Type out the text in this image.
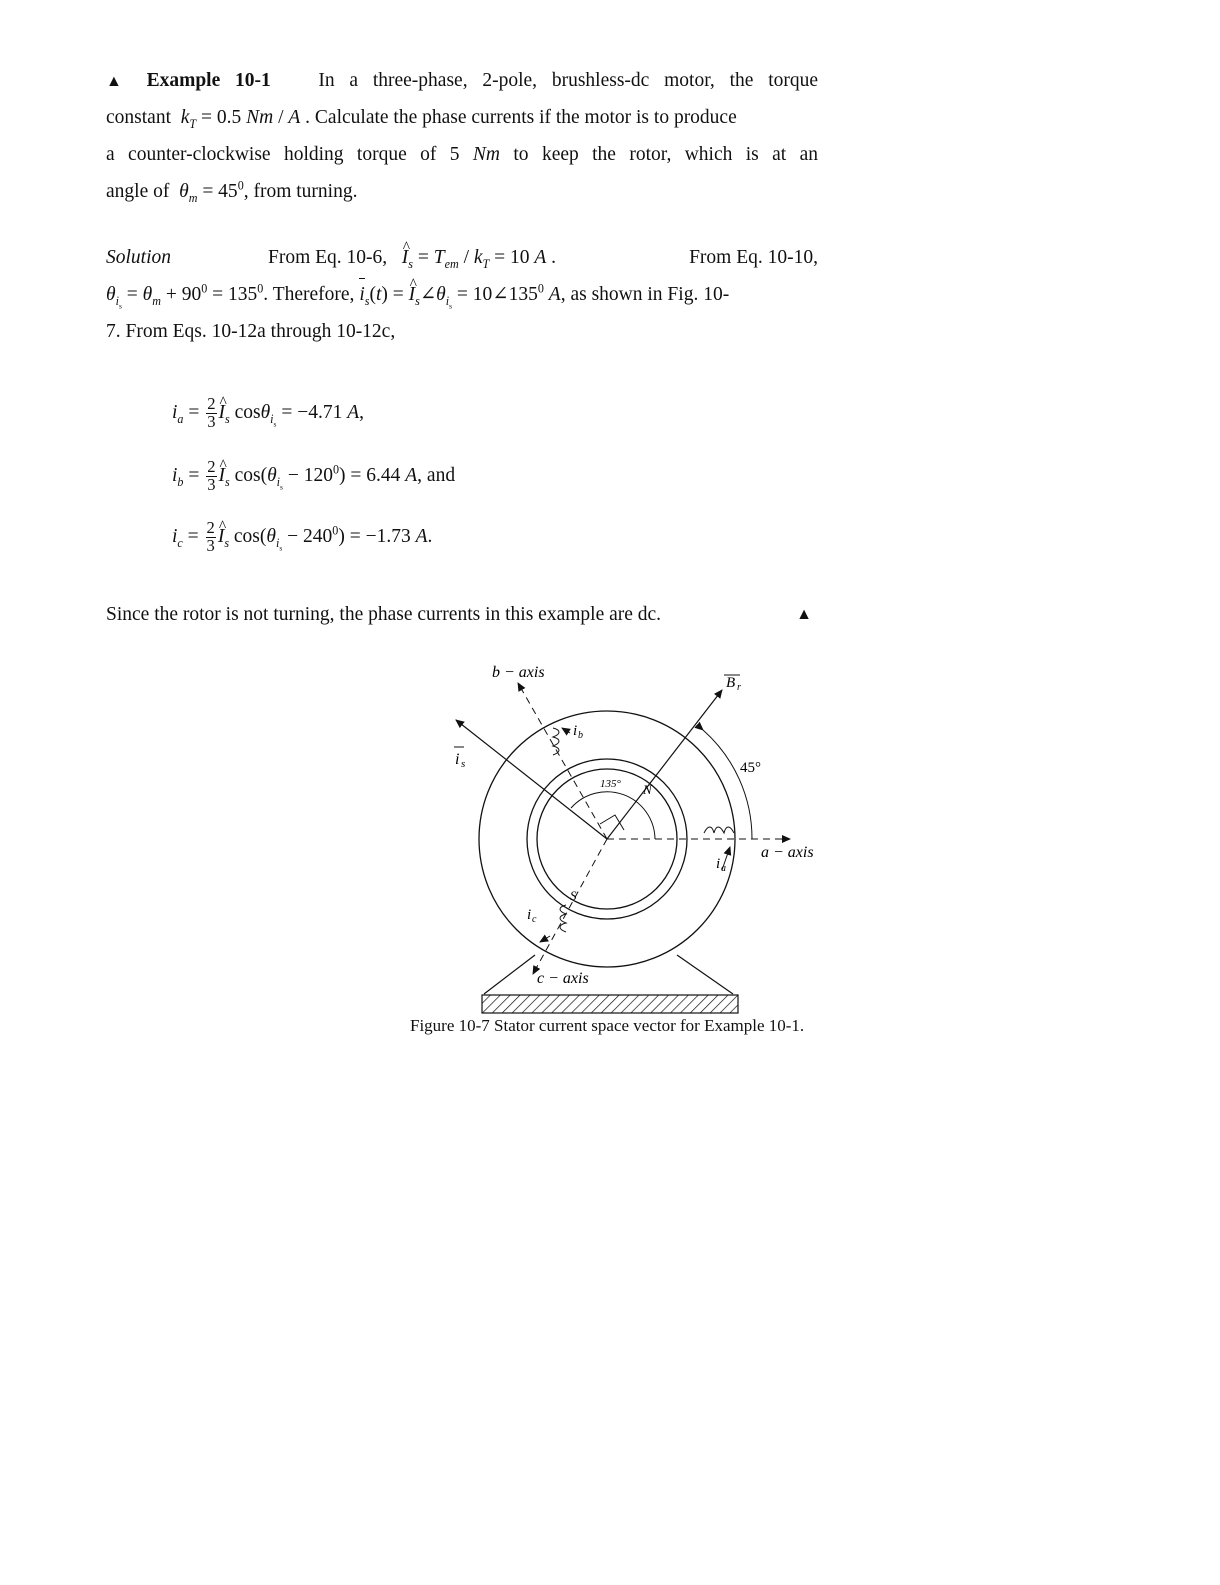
▲ Example 10-1 In a three-phase, 2-pole, brushless-dc motor, the torque
constant $k_T = 0.5$ Nm / A . Calculate the phase currents if the motor is to produce
a counter-clockwise holding torque of 5 Nm to keep the rotor, which is at an
angle of $\theta_m = 45^0$, from turning.
Solution	From Eq. 10-6, ^ $I_s = T_{em} / k_T = 10$ A .	From Eq. 10-10,
$\theta_{i_s} = \theta_m + 90^0 = 135^0$. Therefore, $i_s(t)$ = ^ $I_s\angle\theta_{i_s}$ = $10\angle 135^0$ A, as shown in Fig. 10-
7. From Eqs. 10-12a through 10-12c,
$i_a = \frac{2}{3}$ ^ $I_s$ cosθ$_{i_s}$ = −4.71 A,
$i_b = \frac{2}{3}$ ^ $I_s$ $\cos(\theta_{i_s} - 120^0) = 6.44$ A, and
$i_c = \frac{2}{3}$ ^ $I_s$ $\cos(\theta_{i_s} - 240^0) = -1.73$ A.
Since the rotor is not turning, the phase currents in this example are dc.	▲
b − axis
a − axis
c − axis
135°
45°
N
S
i s
B r
i a
i b
i c
Figure 10-7 Stator current space vector for Example 10-1.
